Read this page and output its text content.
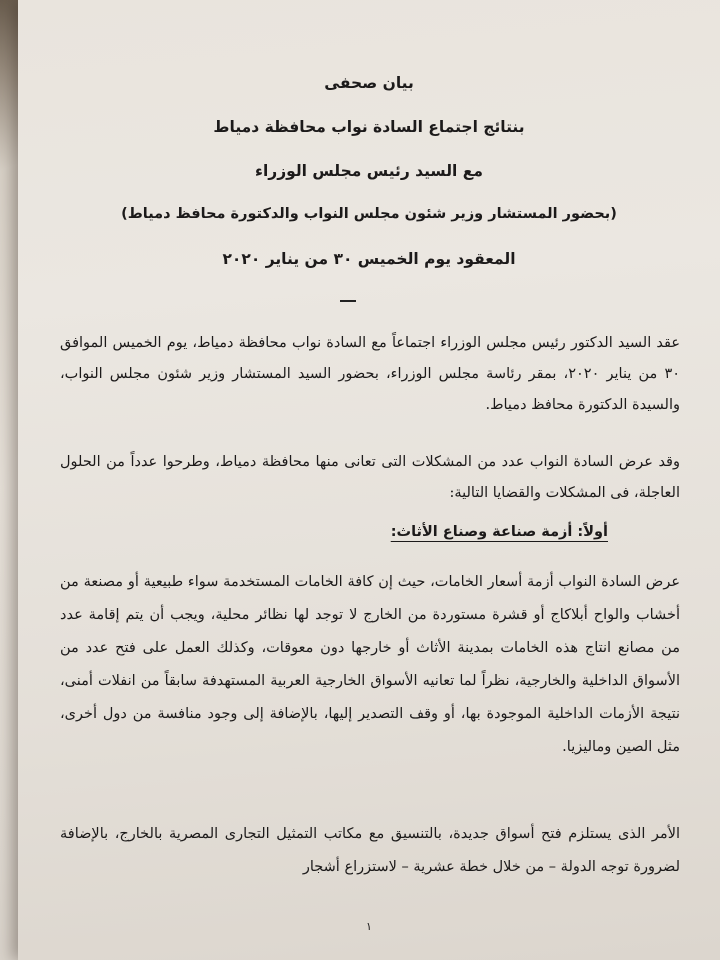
بيان صحفى
بنتائج اجتماع السادة نواب محافظة دمياط
مع السيد رئيس مجلس الوزراء
(بحضور المستشار وزير شئون مجلس النواب والدكتورة محافظ دمياط)
المعقود يوم الخميس ٣٠ من يناير ٢٠٢٠
عقد السيد الدكتور رئيس مجلس الوزراء اجتماعاً مع السادة نواب محافظة دمياط، يوم الخميس الموافق ٣٠ من يناير ٢٠٢٠، بمقر رئاسة مجلس الوزراء، بحضور السيد المستشار وزير شئون مجلس النواب، والسيدة الدكتورة محافظ دمياط.
وقد عرض السادة النواب عدد من المشكلات التى تعانى منها محافظة دمياط، وطرحوا عدداً من الحلول العاجلة، فى المشكلات والقضايا التالية:
أولاً: أزمة صناعة وصناع الأثاث:
عرض السادة النواب أزمة أسعار الخامات، حيث إن كافة الخامات المستخدمة سواء طبيعية أو مصنعة من أخشاب والواح أبلاكاج أو قشرة مستوردة من الخارج لا توجد لها نظائر محلية، ويجب أن يتم إقامة عدد من مصانع انتاج هذه الخامات بمدينة الأثاث أو خارجها دون معوقات، وكذلك العمل على فتح عدد من الأسواق الداخلية والخارجية، نظراً لما تعانيه الأسواق الخارجية العربية المستهدفة سابقاً من انفلات أمنى، نتيجة الأزمات الداخلية الموجودة بها، أو وقف التصدير إليها، بالإضافة إلى وجود منافسة من دول أخرى، مثل الصين وماليزيا.
الأمر الذى يستلزم فتح أسواق جديدة، بالتنسيق مع مكاتب التمثيل التجارى المصرية بالخارج، بالإضافة لضرورة توجه الدولة – من خلال خطة عشرية – لاستزراع أشجار
١
